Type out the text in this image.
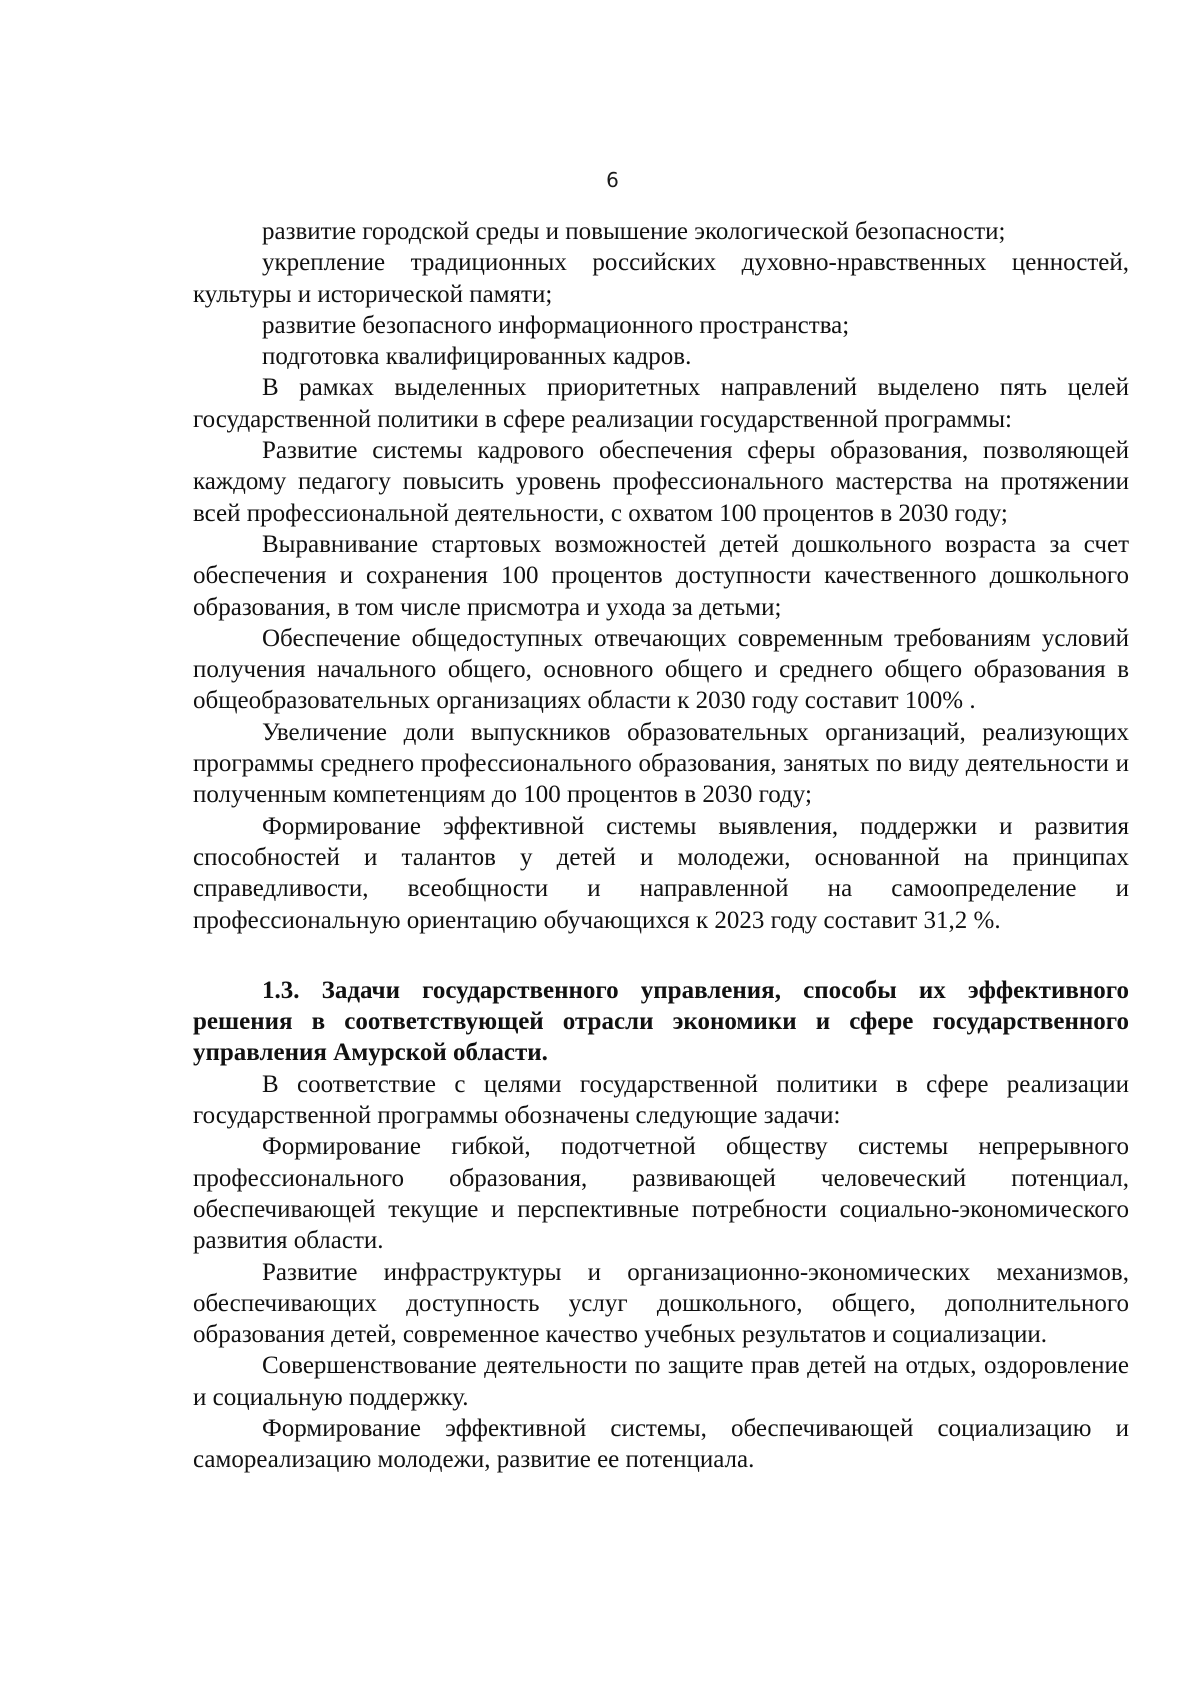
6

развитие городской среды и повышение экологической безопасности;

укрепление традиционных российских духовно-нравственных ценностей, культуры и исторической памяти;

развитие безопасного информационного пространства;

подготовка квалифицированных кадров.

В рамках выделенных приоритетных направлений выделено пять целей государственной политики в сфере реализации государственной программы:

Развитие системы кадрового обеспечения сферы образования, позволяющей каждому педагогу повысить уровень профессионального мастерства на протяжении всей профессиональной деятельности, с охватом 100 процентов в 2030 году;

Выравнивание стартовых возможностей детей дошкольного возраста за счет обеспечения и сохранения 100 процентов доступности качественного дошкольного образования, в том числе присмотра и ухода за детьми;

Обеспечение общедоступных отвечающих современным требованиям условий получения начального общего, основного общего и среднего общего образования в общеобразовательных организациях области к 2030 году составит 100% .

Увеличение доли выпускников образовательных организаций, реализующих программы среднего профессионального образования, занятых по виду деятельности и полученным компетенциям до 100 процентов в 2030 году;

Формирование эффективной системы выявления, поддержки и развития способностей и талантов у детей и молодежи, основанной на принципах справедливости, всеобщности и направленной на самоопределение и профессиональную ориентацию обучающихся к 2023 году составит 31,2 %.

1.3. Задачи государственного управления, способы их эффективного решения в соответствующей отрасли экономики и сфере государственного управления Амурской области.

В соответствие с целями государственной политики в сфере реализации государственной программы обозначены следующие задачи:

Формирование гибкой, подотчетной обществу системы непрерывного профессионального образования, развивающей человеческий потенциал, обеспечивающей текущие и перспективные потребности социально-экономического развития области.

Развитие инфраструктуры и организационно-экономических механизмов, обеспечивающих доступность услуг дошкольного, общего, дополнительного образования детей, современное качество учебных результатов и социализации.

Совершенствование деятельности по защите прав детей на отдых, оздоровление и социальную поддержку.

Формирование эффективной системы, обеспечивающей социализацию и самореализацию молодежи, развитие ее потенциала.
